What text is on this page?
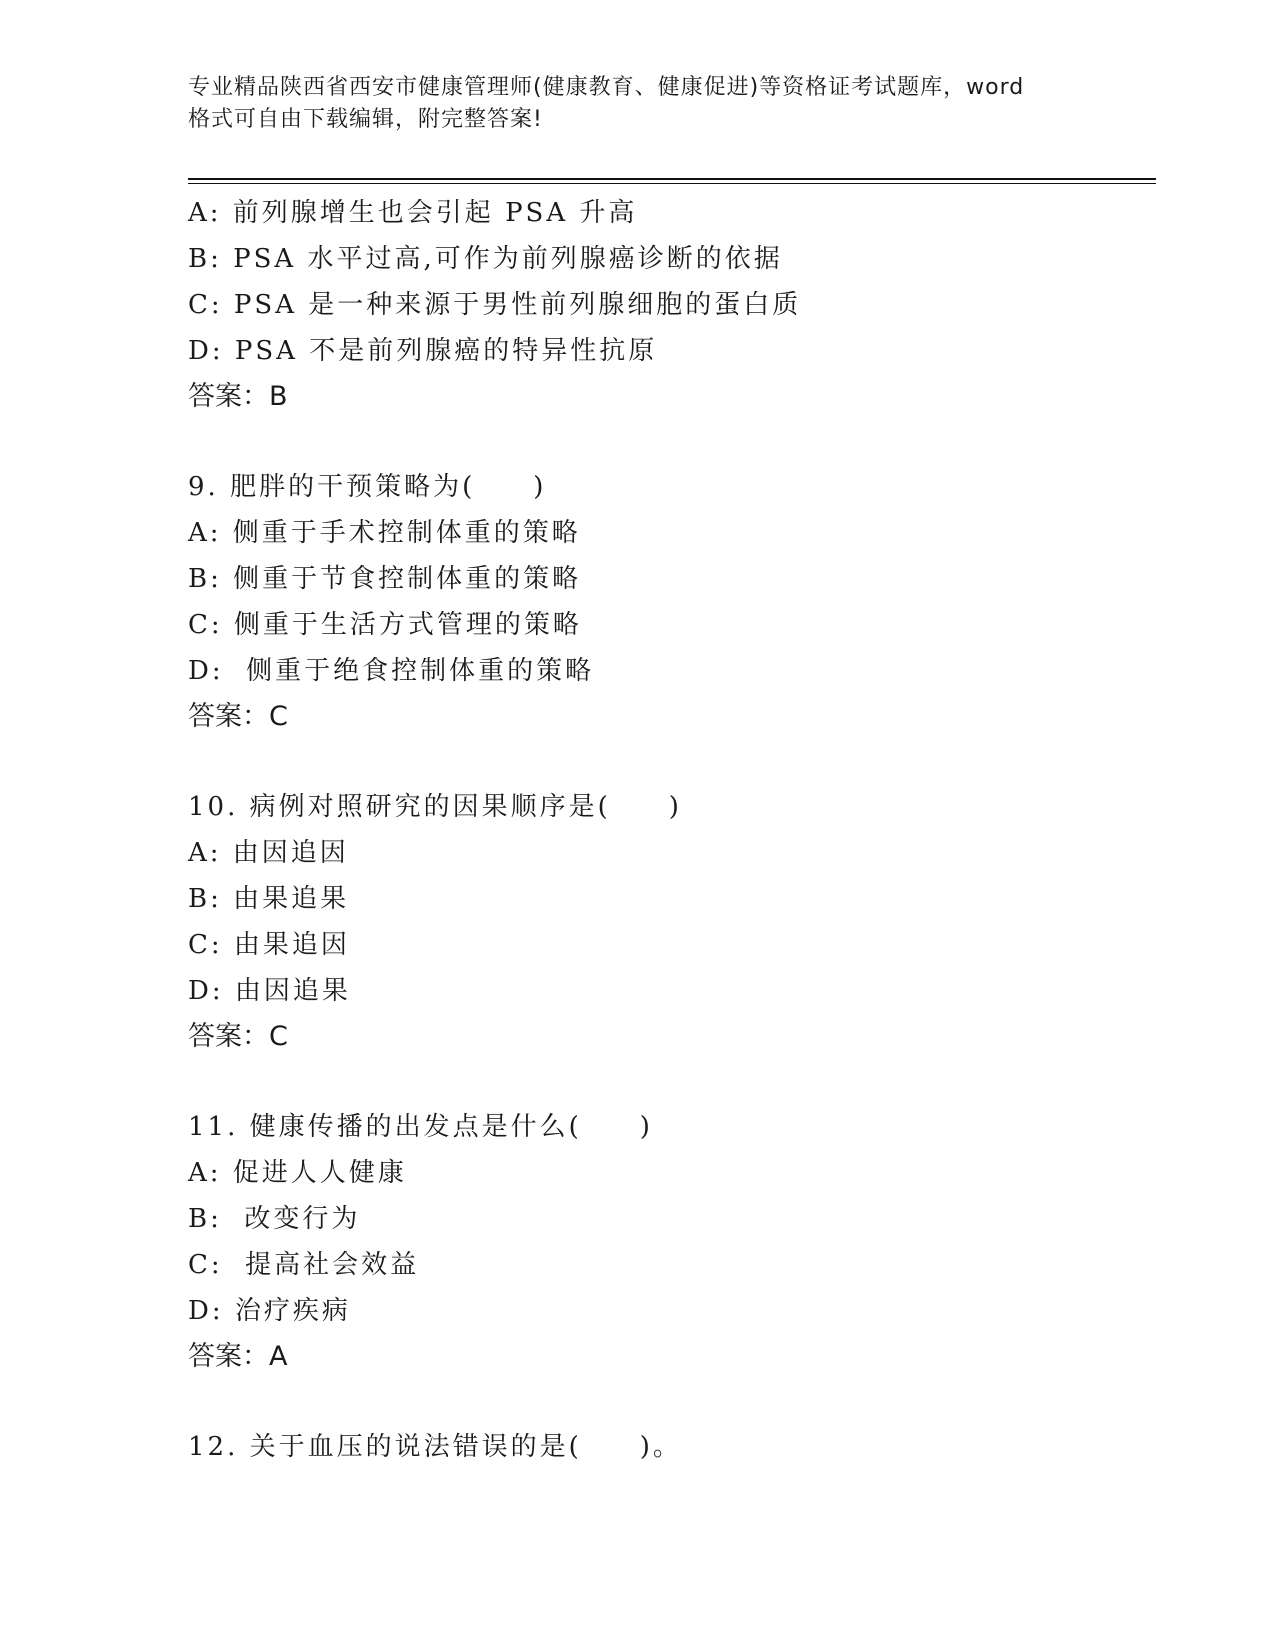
专业精品陕西省西安市健康管理师(健康教育、健康促进)等资格证考试题库，word
格式可自由下载编辑，附完整答案!
A: 前列腺增生也会引起 PSA 升高
B: PSA 水平过高,可作为前列腺癌诊断的依据
C: PSA 是一种来源于男性前列腺细胞的蛋白质
D: PSA 不是前列腺癌的特异性抗原
答案：B
9. 肥胖的干预策略为(　　)
A: 侧重于手术控制体重的策略
B: 侧重于节食控制体重的策略
C: 侧重于生活方式管理的策略
D:  侧重于绝食控制体重的策略
答案：C
10. 病例对照研究的因果顺序是(　　)
A: 由因追因
B: 由果追果
C: 由果追因
D: 由因追果
答案：C
11. 健康传播的出发点是什么(　　)
A: 促进人人健康
B:  改变行为
C:  提高社会效益
D: 治疗疾病
答案：A
12. 关于血压的说法错误的是(　　)。
